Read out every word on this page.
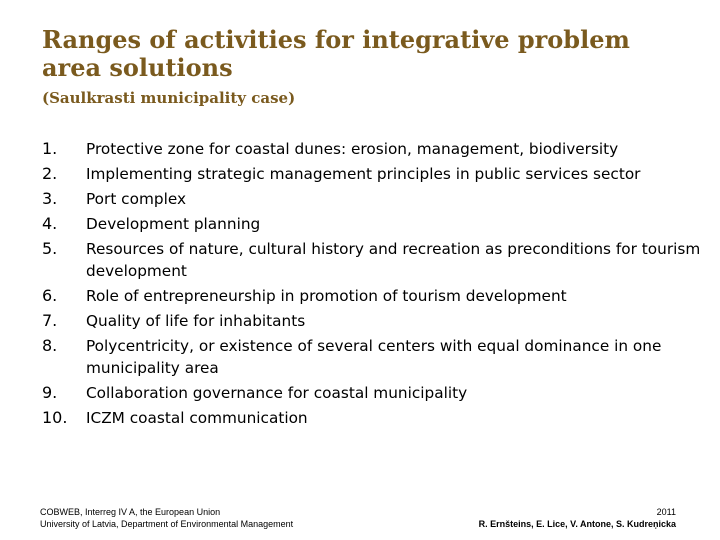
Ranges of activities for integrative problem
area solutions

(Saulkrasti municipality case)

1.	Protective zone for coastal dunes: erosion, management, biodiversity
2.	Implementing strategic management principles in public services sector
3.	Port complex
4.	Development planning
5.	Resources of nature, cultural history and recreation as preconditions for tourism development
6.	Role of entrepreneurship in promotion of tourism development
7.	Quality of life for inhabitants
8.	Polycentricity, or existence of several centers with equal dominance in one municipality area
9.	Collaboration governance for coastal municipality
10.	ICZM coastal communication
COBWEB, Interreg IV A, the European Union
University of Latvia, Department of Environmental Management
2011
R. Ernšteins, E. Lice, V. Antone, S. Kudreņicka
